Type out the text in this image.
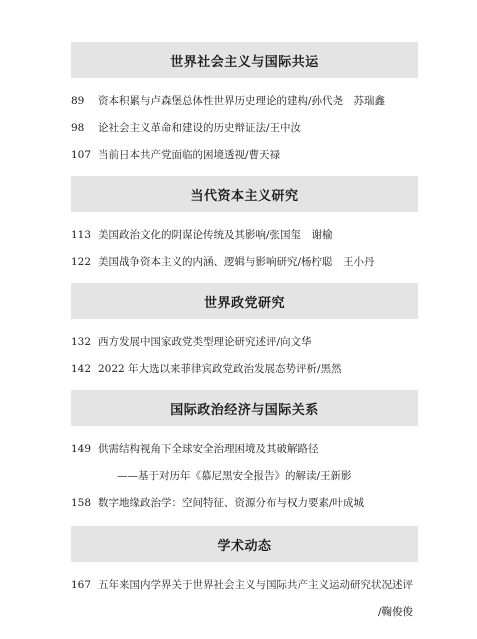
世界社会主义与国际共运
89 资本积累与卢森堡总体性世界历史理论的建构/孙代尧　苏瑞鑫
98 论社会主义革命和建设的历史辩证法/王中汝
107 当前日本共产党面临的困境透视/曹天禄
当代资本主义研究
113 美国政治文化的阴谋论传统及其影响/张国玺　谢榆
122 美国战争资本主义的内涵、逻辑与影响研究/杨柠聪　王小丹
世界政党研究
132 西方发展中国家政党类型理论研究述评/向文华
142 2022 年大选以来菲律宾政党政治发展态势评析/黑然
国际政治经济与国际关系
149 供需结构视角下全球安全治理困境及其破解路径
——基于对历年《慕尼黑安全报告》的解读/王新影
158 数字地缘政治学：空间特征、资源分布与权力要素/叶成城
学术动态
167 五年来国内学界关于世界社会主义与国际共产主义运动研究状况述评
/鞠俊俊
